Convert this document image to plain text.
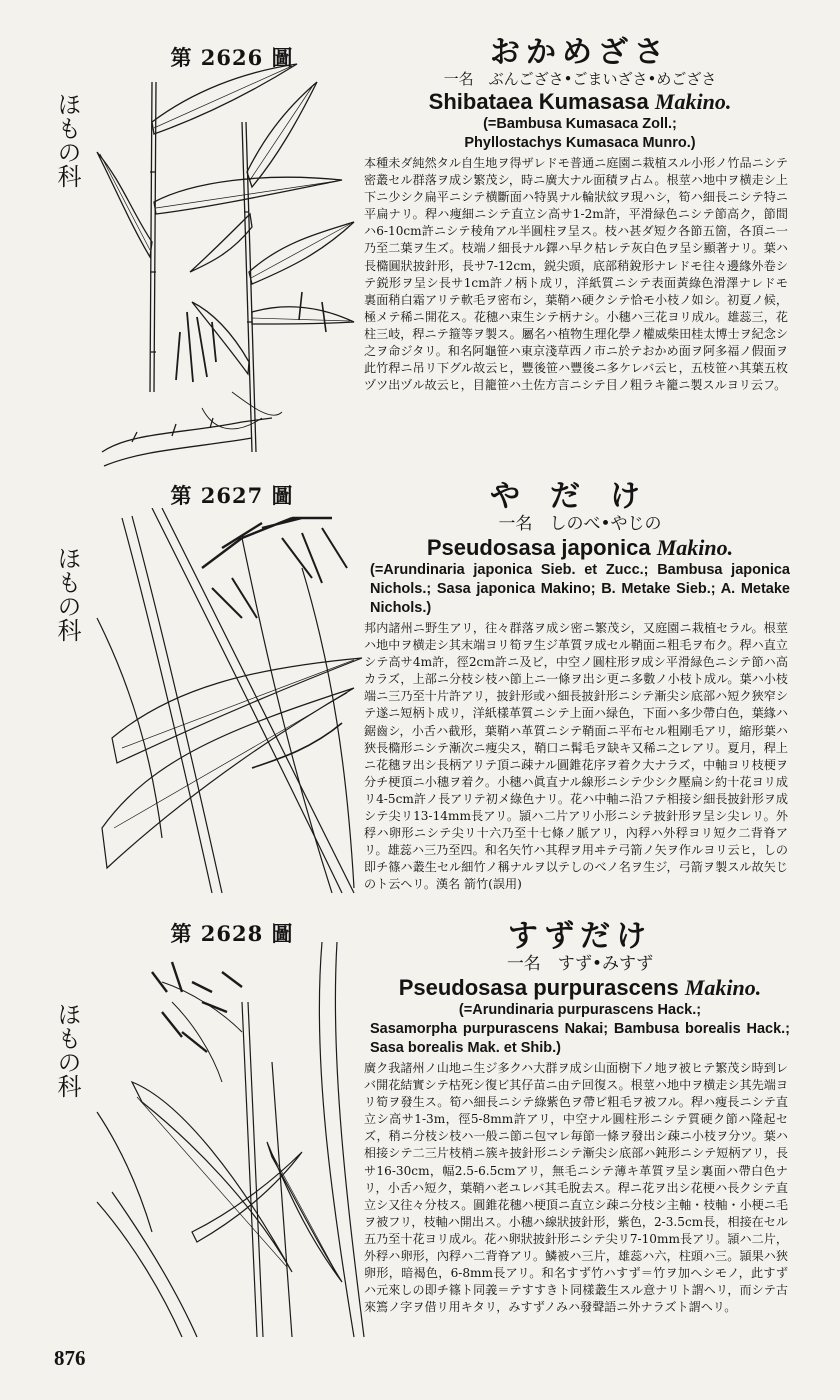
第 2626 圖
ほもの科

おかめざさ

一名　ぶんござさ•ごまいざさ•めござさ

Shibataea Kumasasa Makino.

(=Bambusa Kumasaca Zoll.;

Phyllostachys Kumasaca Munro.)

本種未ダ純然タル自生地ヲ得ザレドモ普通ニ庭園ニ栽植スル小形ノ竹品ニシテ密叢セル群落ヲ成シ繁茂シ，時ニ廣大ナル面積ヲ占ム。根莖ハ地中ヲ横走シ上下ニ少シク扁平ニシテ横斷面ハ特異ナル輪狀紋ヲ現ハシ，筍ハ細長ニシテ特ニ平扁ナリ。稈ハ痩細ニシテ直立シ高サ1-2m許，平滑緑色ニシテ節高ク，節間ハ6-10cm許ニシテ稜角アル半圓柱ヲ呈ス。枝ハ甚ダ短ク各節五箇，各頂ニ一乃至二葉ヲ生ズ。枝端ノ細長ナル鐸ハ早ク枯レテ灰白色ヲ呈シ顯著ナリ。葉ハ長橢圓狀披針形，長サ7-12cm，鋭尖頭，底部稍銳形ナレドモ往々邊緣外卷シテ鋭形ヲ呈シ長サ1cm許ノ柄ト成リ，洋紙質ニシテ表面黃綠色滑澤ナレドモ裏面稍白霜アリテ軟毛ヲ密布シ，葉鞘ハ硬クシテ恰モ小枝ノ如シ。初夏ノ候，極メテ稀ニ開花ス。花穗ハ束生シテ柄ナシ。小穗ハ三花ヨリ成ル。雄蕊三，花柱三岐，稈ニテ箍等ヲ製ス。屬名ハ植物生理化學ノ權威柴田桂太博士ヲ紀念シ之ヲ命ジタリ。和名阿龜笹ハ東京淺草西ノ市ニ於テおかめ面ヲ阿多福ノ假面ヲ此竹稈ニ吊リ下グル故云ヒ，豐後笹ハ豐後ニ多ケレバ云ヒ，五枝笹ハ其葉五枚ヅツ出ヅル故云ヒ，目籠笹ハ土佐方言ニシテ目ノ粗ラキ籠ニ製スルヨリ云フ。

第 2627 圖
ほもの科

やだけ

一名　しのべ•やじの

Pseudosasa japonica Makino.

(=Arundinaria japonica Sieb. et Zucc.; Bambusa japonica Nichols.; Sasa japonica Makino; B. Metake Sieb.; A. Metake Nichols.)

邦内諸州ニ野生アリ，往々群落ヲ成シ密ニ繁茂シ，又庭園ニ栽植セラル。根莖ハ地中ヲ横走シ其末端ヨリ筍ヲ生ジ革質ヲ成セル鞘面ニ粗毛ヲ布ク。稈ハ直立シテ高サ4m許，徑2cm許ニ及ビ，中空ノ圓柱形ヲ成シ平滑緑色ニシテ節ハ高カラズ，上部ニ分枝シ枝ハ節上ニ一條ヲ出シ更ニ多數ノ小枝ト成ル。葉ハ小枝端ニ三乃至十片許アリ，披針形或ハ細長披針形ニシテ漸尖シ底部ハ短ク狹窄シテ遂ニ短柄ト成リ，洋紙樣革質ニシテ上面ハ緑色，下面ハ多少帶白色，葉緣ハ鋸齒シ，小舌ハ截形，葉鞘ハ革質ニシテ鞘面ニ平布セル粗剛毛アリ，縮形葉ハ狹長橢形ニシテ漸次ニ痩尖ス，鞘口ニ髯毛ヲ缺キ又稀ニ之レアリ。夏月，稈上ニ花穗ヲ出シ長柄アリテ頂ニ疎ナル圓錐花序ヲ着ク大ナラズ，中軸ヨリ枝梗ヲ分チ梗頂ニ小穗ヲ着ク。小穗ハ眞直ナル線形ニシテ少シク壓扁シ約十花ヨリ成リ4-5cm許ノ長アリテ初メ綠色ナリ。花ハ中軸ニ沿フテ相接シ細長披針形ヲ成シテ尖リ13-14mm長アリ。頴ハ二片アリ小形ニシテ披針形ヲ呈シ尖レリ。外稃ハ卵形ニシテ尖リ十六乃至十七條ノ脈アリ，內稃ハ外稃ヨリ短ク二背脊アリ。雄蕊ハ三乃至四。和名矢竹ハ其稈ヲ用ヰテ弓箭ノ矢ヲ作ルヨリ云ヒ，しの即チ篠ハ叢生セル細竹ノ稱ナルヲ以テしのべノ名ヲ生ジ，弓箭ヲ製スル故矢じのト云ヘリ。漢名 箭竹(誤用)

第 2628 圖
ほもの科

すずだけ

一名　すず•みすず

Pseudosasa purpurascens Makino.

(=Arundinaria purpurascens Hack.;

Sasamorpha purpurascens Nakai; Bambusa borealis Hack.; Sasa borealis Mak. et Shib.)

廣ク我諸州ノ山地ニ生ジ多クハ大群ヲ成シ山面樹下ノ地ヲ被ヒテ繁茂シ時到レバ開花結實シテ枯死シ復ビ其仔苗ニ由テ回復ス。根莖ハ地中ヲ横走シ其先端ヨリ筍ヲ發生ス。筍ハ細長ニシテ綠紫色ヲ帶ビ粗毛ヲ被フル。稈ハ痩長ニシテ直立シ高サ1-3m，徑5-8mm許アリ，中空ナル圓柱形ニシテ質硬ク節ハ隆起セズ，稍ニ分枝シ枝ハ一般ニ節ニ包マレ毎節一條ヲ發出シ疎ニ小枝ヲ分ツ。葉ハ相接シテ二三片枝梢ニ簇キ披針形ニシテ漸尖シ底部ハ鈍形ニシテ短柄アリ，長サ16-30cm，幅2.5-6.5cmアリ，無毛ニシテ薄キ革質ヲ呈シ裏面ハ帶白色ナリ，小舌ハ短ク，葉鞘ハ老ユレバ其毛脫去ス。稈ニ花ヲ出シ花梗ハ長クシテ直立シ又往々分枝ス。圓錐花穗ハ梗頂ニ直立シ疎ニ分枝シ主軸・枝軸・小梗ニ毛ヲ被フリ，枝軸ハ開出ス。小穗ハ線狀披針形，紫色，2-3.5cm長，相接在セル五乃至十花ヨリ成ル。花ハ卵狀披針形ニシテ尖リ7-10mm長アリ。頴ハ二片，外稃ハ卵形，內稃ハ二背脊アリ。鱗被ハ三片，雄蕊ハ六，柱頭ハ三。頴果ハ狹卵形，暗褐色，6-8mm長アリ。和名すず竹ハすず＝竹ヲ加ヘシモノ，此すずハ元來しの即チ篠ト同義＝テすすきト同樣叢生スル意ナリト謂ヘリ，而シテ古來篶ノ字ヲ借リ用キタリ，みすずノみハ發聲語ニ外ナラズト謂ヘリ。

876
